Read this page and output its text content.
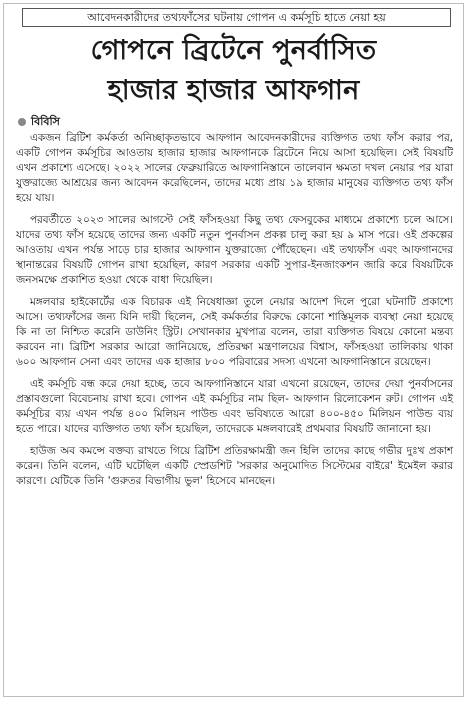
আবেদনকারীদের তথ্যফাঁসের ঘটনায় গোপন এ কর্মসূচি হাতে নেয়া হয়
গোপনে ব্রিটেনে পুনর্বাসিত
হাজার হাজার আফগান
বিবিসি

একজন ব্রিটিশ কর্মকর্তা অনিচ্ছাকৃতভাবে আফগান আবেদনকারীদের ব্যক্তিগত তথ্য ফাঁস করার পর, একটি গোপন কর্মসূচির আওতায় হাজার হাজার আফগানকে ব্রিটেনে নিয়ে আসা হয়েছিল। সেই বিষয়টি এখন প্রকাশ্যে এসেছে। ২০২২ সালের ফেব্রুয়ারিতে আফগানিস্তানে তালেবান ক্ষমতা দখল নেয়ার পর যারা যুক্তরাজ্যে আশ্রয়ের জন্য আবেদন করেছিলেন, তাদের মধ্যে প্রায় ১৯ হাজার মানুষের ব্যক্তিগত তথ্য ফাঁস হয়ে যায়।

পরবর্তীতে ২০২৩ সালের আগস্টে সেই ফাঁসহওয়া কিছু তথ্য ফেসবুকের মাধ্যমে প্রকাশ্যে চলে আসে। যাদের তথ্য ফাঁস হয়েছে তাদের জন্য একটি নতুন পুনর্বাসন প্রকল্প চালু করা হয় ৯ মাস পরে। ওই প্রকল্পের আওতায় এখন পর্যন্ত সাড়ে চার হাজার আফগান যুক্তরাজ্যে পৌঁছেছেন। এই তথ্যফাঁস এবং আফগানদের স্থানান্তরের বিষয়টি গোপন রাখা হয়েছিল, কারণ সরকার একটি সুপার-ইনজাংকশন জারি করে বিষয়টিকে জনসমক্ষে প্রকাশিত হওয়া থেকে বাধা দিয়েছিল।

মঙ্গলবার হাইকোর্টের এক বিচারক এই নিষেধাজ্ঞা তুলে নেয়ার আদেশ দিলে পুরো ঘটনাটি প্রকাশ্যে আসে। তথ্যফাঁসের জন্য যিনি দায়ী ছিলেন, সেই কর্মকর্তার বিরুদ্ধে কোনো শাস্তিমূলক ব্যবস্থা নেয়া হয়েছে কি না তা নিশ্চিত করেনি ডাউনিং স্ট্রিট। সেখানকার মুখপাত্র বলেন, তারা ব্যক্তিগত বিষয়ে কোনো মন্তব্য করবেন না। ব্রিটিশ সরকার আরো জানিয়েছে, প্রতিরক্ষা মন্ত্রণালয়ের বিশ্বাস, ফাঁসহওয়া তালিকায় থাকা ৬০০ আফগান সেনা এবং তাদের এক হাজার ৮০০ পরিবারের সদস্য এখনো আফগানিস্তানে রয়েছেন।

এই কর্মসূচি বন্ধ করে দেয়া হচ্ছে, তবে আফগানিস্তানে যারা এখনো রয়েছেন, তাদের দেয়া পুনর্বাসনের প্রস্তাবগুলো বিবেচনায় রাখা হবে। গোপন এই কর্মসূচির নাম ছিল- আফগান রিলোকেশন রুট। গোপন এই কর্মসূচির ব্যয় এখন পর্যন্ত ৪০০ মিলিয়ন পাউন্ড এবং ভবিষ্যতে আরো ৪০০-৪৫০ মিলিয়ন পাউন্ড ব্যয় হতে পারে। যাদের ব্যক্তিগত তথ্য ফাঁস হয়েছিল, তাদেরকে মঙ্গলবারেই প্রথমবার বিষয়টি জানানো হয়।

হাউজ অব কমন্সে বক্তব্য রাখতে গিয়ে ব্রিটিশ প্রতিরক্ষামন্ত্রী জন হিলি তাদের কাছে গভীর দুঃখ প্রকাশ করেন। তিনি বলেন, এটি ঘটেছিল একটি স্প্রেডশিট 'সরকার অনুমোদিত সিস্টেমের বাইরে' ইমেইল করার কারণে। যেটিকে তিনি 'গুরুতর বিভাগীয় ভুল' হিসেবে মানছেন।
